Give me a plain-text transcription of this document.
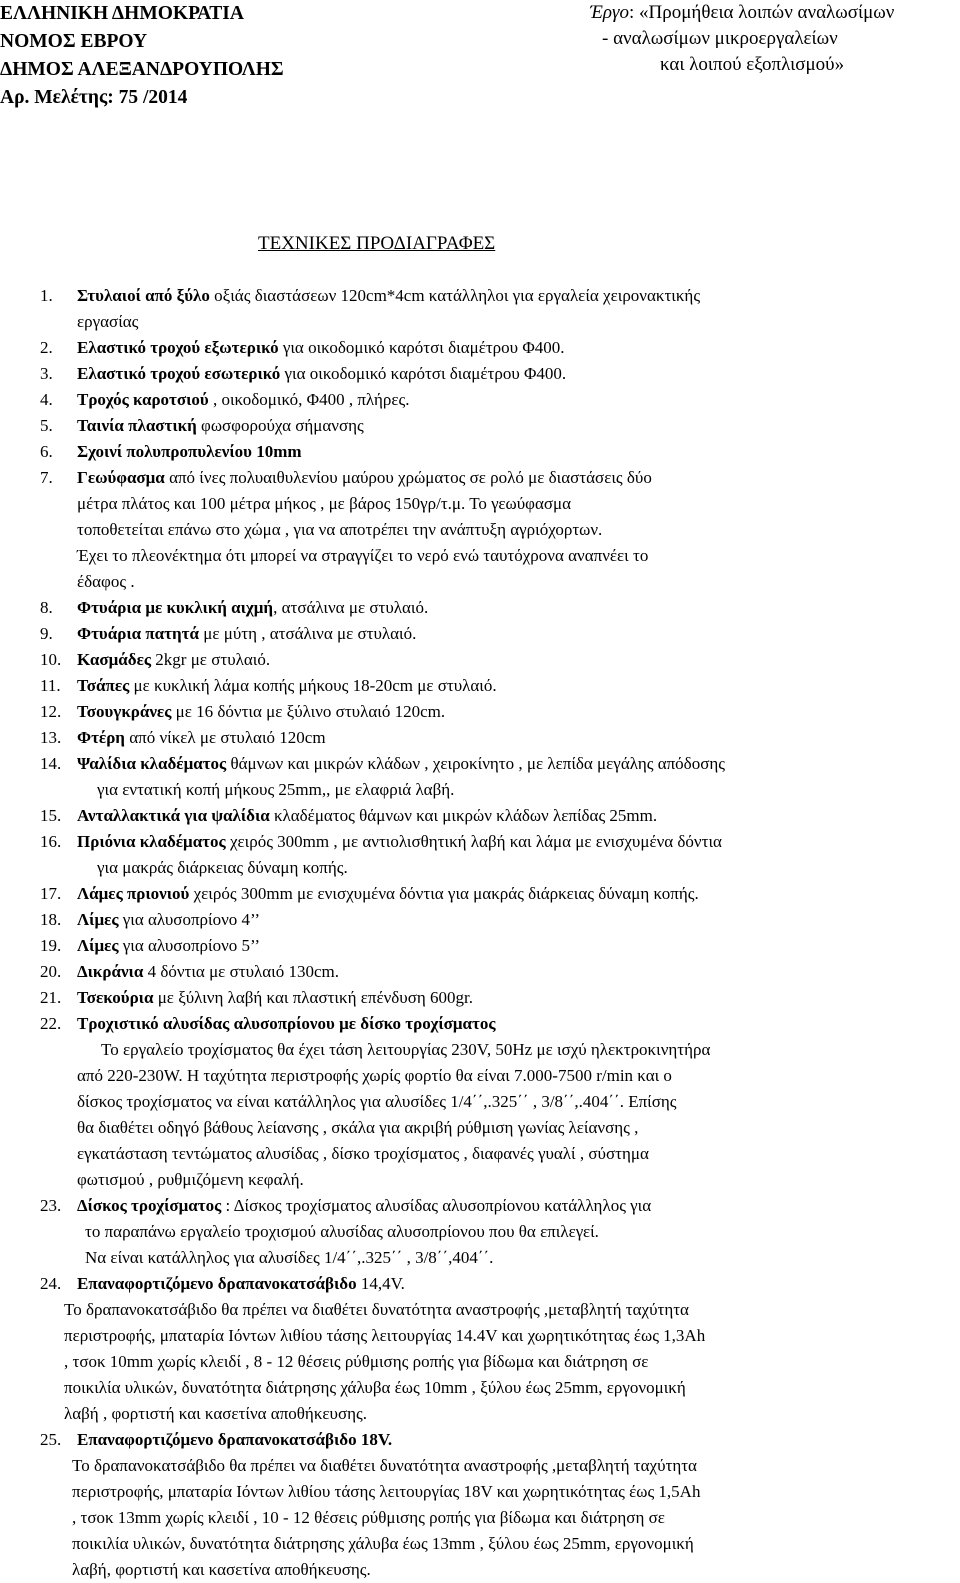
ΕΛΛΗΝΙΚΗ ΔΗΜΟΚΡΑΤΙΑ
ΝΟΜΟΣ ΕΒΡΟΥ
ΔΗΜΟΣ ΑΛΕΞΑΝΔΡΟΥΠΟΛΗΣ
Αρ. Μελέτης: 75 /2014
Έργο: «Προμήθεια λοιπών αναλωσίμων
- αναλωσίμων μικροεργαλείων
και λοιπού εξοπλισμού»
ΤΕΧΝΙΚΕΣ ΠΡΟΔΙΑΓΡΑΦΕΣ
1. Στυλαιοί από ξύλο οξιάς διαστάσεων 120cm*4cm κατάλληλοι για εργαλεία χειρονακτικής
εργασίας
2. Ελαστικό τροχού εξωτερικό για οικοδομικό καρότσι διαμέτρου Φ400.
3. Ελαστικό τροχού εσωτερικό για οικοδομικό καρότσι διαμέτρου Φ400.
4. Τροχός καροτσιού , οικοδομικό, Φ400 , πλήρες.
5. Ταινία πλαστική φωσφορούχα σήμανσης
6. Σχοινί πολυπροπυλενίου 10mm
7. Γεωύφασμα από ίνες πολυαιθυλενίου μαύρου χρώματος σε ρολό με διαστάσεις δύο
μέτρα πλάτος και 100 μέτρα μήκος , με βάρος 150γρ/τ.μ. Το γεωύφασμα
τοποθετείται επάνω στο χώμα , για να αποτρέπει την ανάπτυξη αγριόχορτων.
Έχει το πλεονέκτημα ότι μπορεί να στραγγίζει το νερό ενώ ταυτόχρονα αναπνέει το
έδαφος .
8. Φτυάρια με κυκλική αιχμή, ατσάλινα με στυλαιό.
9. Φτυάρια πατητά με μύτη , ατσάλινα με στυλαιό.
10. Κασμάδες 2kgr με στυλαιό.
11. Τσάπες με κυκλική λάμα κοπής μήκους 18-20cm με στυλαιό.
12. Τσουγκράνες με 16 δόντια με ξύλινο στυλαιό 120cm.
13. Φτέρη από νίκελ με στυλαιό 120cm
14. Ψαλίδια κλαδέματος θάμνων και μικρών κλάδων , χειροκίνητο , με λεπίδα μεγάλης απόδοσης
για εντατική κοπή μήκους 25mm,, με ελαφριά λαβή.
15. Ανταλλακτικά για ψαλίδια κλαδέματος θάμνων και μικρών κλάδων λεπίδας 25mm.
16. Πριόνια κλαδέματος χειρός 300mm , με αντιολισθητική λαβή και λάμα με ενισχυμένα δόντια
για μακράς διάρκειας δύναμη κοπής.
17. Λάμες πριονιού χειρός 300mm με ενισχυμένα δόντια για μακράς διάρκειας δύναμη κοπής.
18. Λίμες για αλυσοπρίονο 4’’
19. Λίμες για αλυσοπρίονο 5’’
20. Δικράνια 4 δόντια με στυλαιό 130cm.
21. Τσεκούρια με ξύλινη λαβή και πλαστική επένδυση 600gr.
22. Τροχιστικό αλυσίδας αλυσοπρίονου με δίσκο τροχίσματος
Το εργαλείο τροχίσματος θα έχει τάση λειτουργίας 230V, 50Hz με ισχύ ηλεκτροκινητήρα
από 220-230W. Η ταχύτητα περιστροφής χωρίς φορτίο θα είναι 7.000-7500 r/min και ο
δίσκος τροχίσματος να είναι κατάλληλος για αλυσίδες 1/4΄΄,.325΄΄ , 3/8΄΄,.404΄΄. Επίσης
θα διαθέτει οδηγό βάθους λείανσης , σκάλα για ακριβή ρύθμιση γωνίας λείανσης ,
εγκατάσταση τεντώματος αλυσίδας , δίσκο τροχίσματος , διαφανές γυαλί , σύστημα
φωτισμού , ρυθμιζόμενη κεφαλή.
23. Δίσκος τροχίσματος : Δίσκος τροχίσματος αλυσίδας αλυσοπρίονου κατάλληλος για
το παραπάνω εργαλείο τροχισμού αλυσίδας αλυσοπρίονου που θα επιλεγεί.
Να είναι κατάλληλος για αλυσίδες 1/4΄΄,.325΄΄ , 3/8΄΄,404΄΄.
24. Επαναφορτιζόμενο δραπανοκατσάβιδο 14,4V.
Το δραπανοκατσάβιδο θα πρέπει να διαθέτει δυνατότητα αναστροφής ,μεταβλητή ταχύτητα
περιστροφής, μπαταρία Ιόντων λιθίου τάσης λειτουργίας 14.4V και χωρητικότητας έως 1,3Ah
, τσοκ 10mm χωρίς κλειδί , 8 - 12 θέσεις ρύθμισης ροπής για βίδωμα και διάτρηση σε
ποικιλία υλικών, δυνατότητα διάτρησης χάλυβα έως 10mm , ξύλου έως 25mm, εργονομική
λαβή , φορτιστή και κασετίνα αποθήκευσης.
25. Επαναφορτιζόμενο δραπανοκατσάβιδο 18V.
Το δραπανοκατσάβιδο θα πρέπει να διαθέτει δυνατότητα αναστροφής ,μεταβλητή ταχύτητα
περιστροφής, μπαταρία Ιόντων λιθίου τάσης λειτουργίας 18V και χωρητικότητας έως 1,5Ah
, τσοκ 13mm χωρίς κλειδί , 10 - 12 θέσεις ρύθμισης ροπής για βίδωμα και διάτρηση σε
ποικιλία υλικών, δυνατότητα διάτρησης χάλυβα έως 13mm , ξύλου έως 25mm, εργονομική
λαβή, φορτιστή και κασετίνα αποθήκευσης.
